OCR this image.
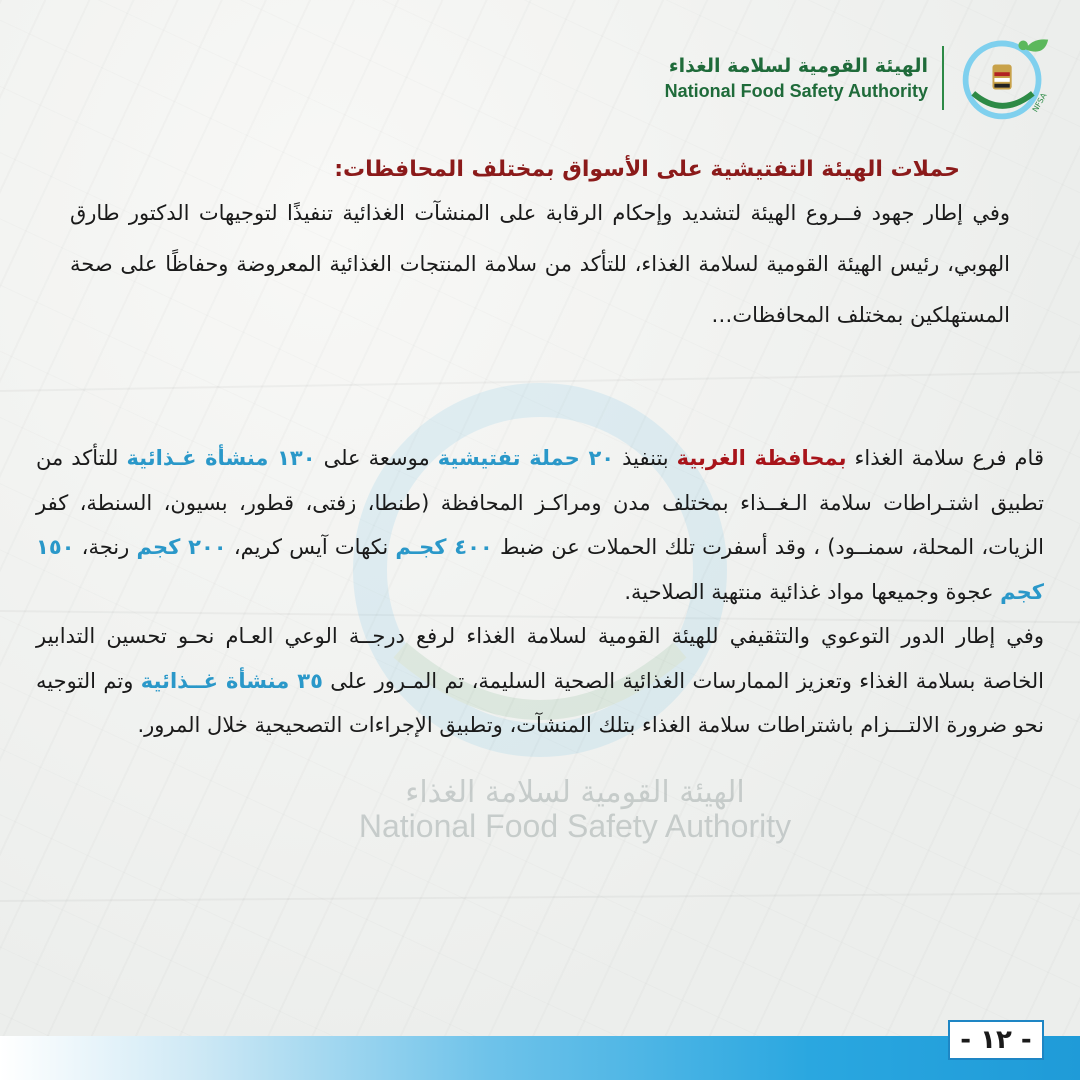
الهيئة القومية لسلامة الغذاء
National Food Safety Authority
الهيئة القومية لسلامة الغذاء
National Food Safety Authority
NFSA
حملات الهيئة التفتيشية على الأسواق بمختلف المحافظات:
وفي إطار جهود فــروع الهيئة لتشديد وإحكام الرقابة على المنشآت الغذائية تنفيذًا لتوجيهات الدكتور طارق الهوبي، رئيس الهيئة القومية لسلامة الغذاء، للتأكد من سلامة المنتجات الغذائية المعروضة وحفاظًا على صحة المستهلكين بمختلف المحافظات…
قام فرع سلامة الغذاء بمحافظة الغربية بتنفيذ ٢٠ حملة تفتيشية موسعة على ١٣٠ منشأة غـذائية للتأكد من تطبيق اشتـراطات سلامة الـغــذاء بمختلف مدن ومراكـز المحافظة (طنطا، زفتى، قطور، بسيون، السنطة، كفر الزيات، المحلة، سمنــود) ، وقد أسفرت تلك الحملات عن ضبط ٤٠٠ كجـم نكهات آيس كريم، ٢٠٠ كجم رنجة، ١٥٠ كجم عجوة وجميعها مواد غذائية منتهية الصلاحية.
وفي إطار الدور التوعوي والتثقيفي للهيئة القومية لسلامة الغذاء لرفع درجــة الوعي العـام نحـو تحسين التدابير الخاصة بسلامة الغذاء وتعزيز الممارسات الغذائية الصحية السليمة، تم المـرور على ٣٥ منشأة غــذائية وتم التوجيه نحو ضرورة الالتـــزام باشتراطات سلامة الغذاء بتلك المنشآت، وتطبيق الإجراءات التصحيحية خلال المرور.
- ١٢ -
